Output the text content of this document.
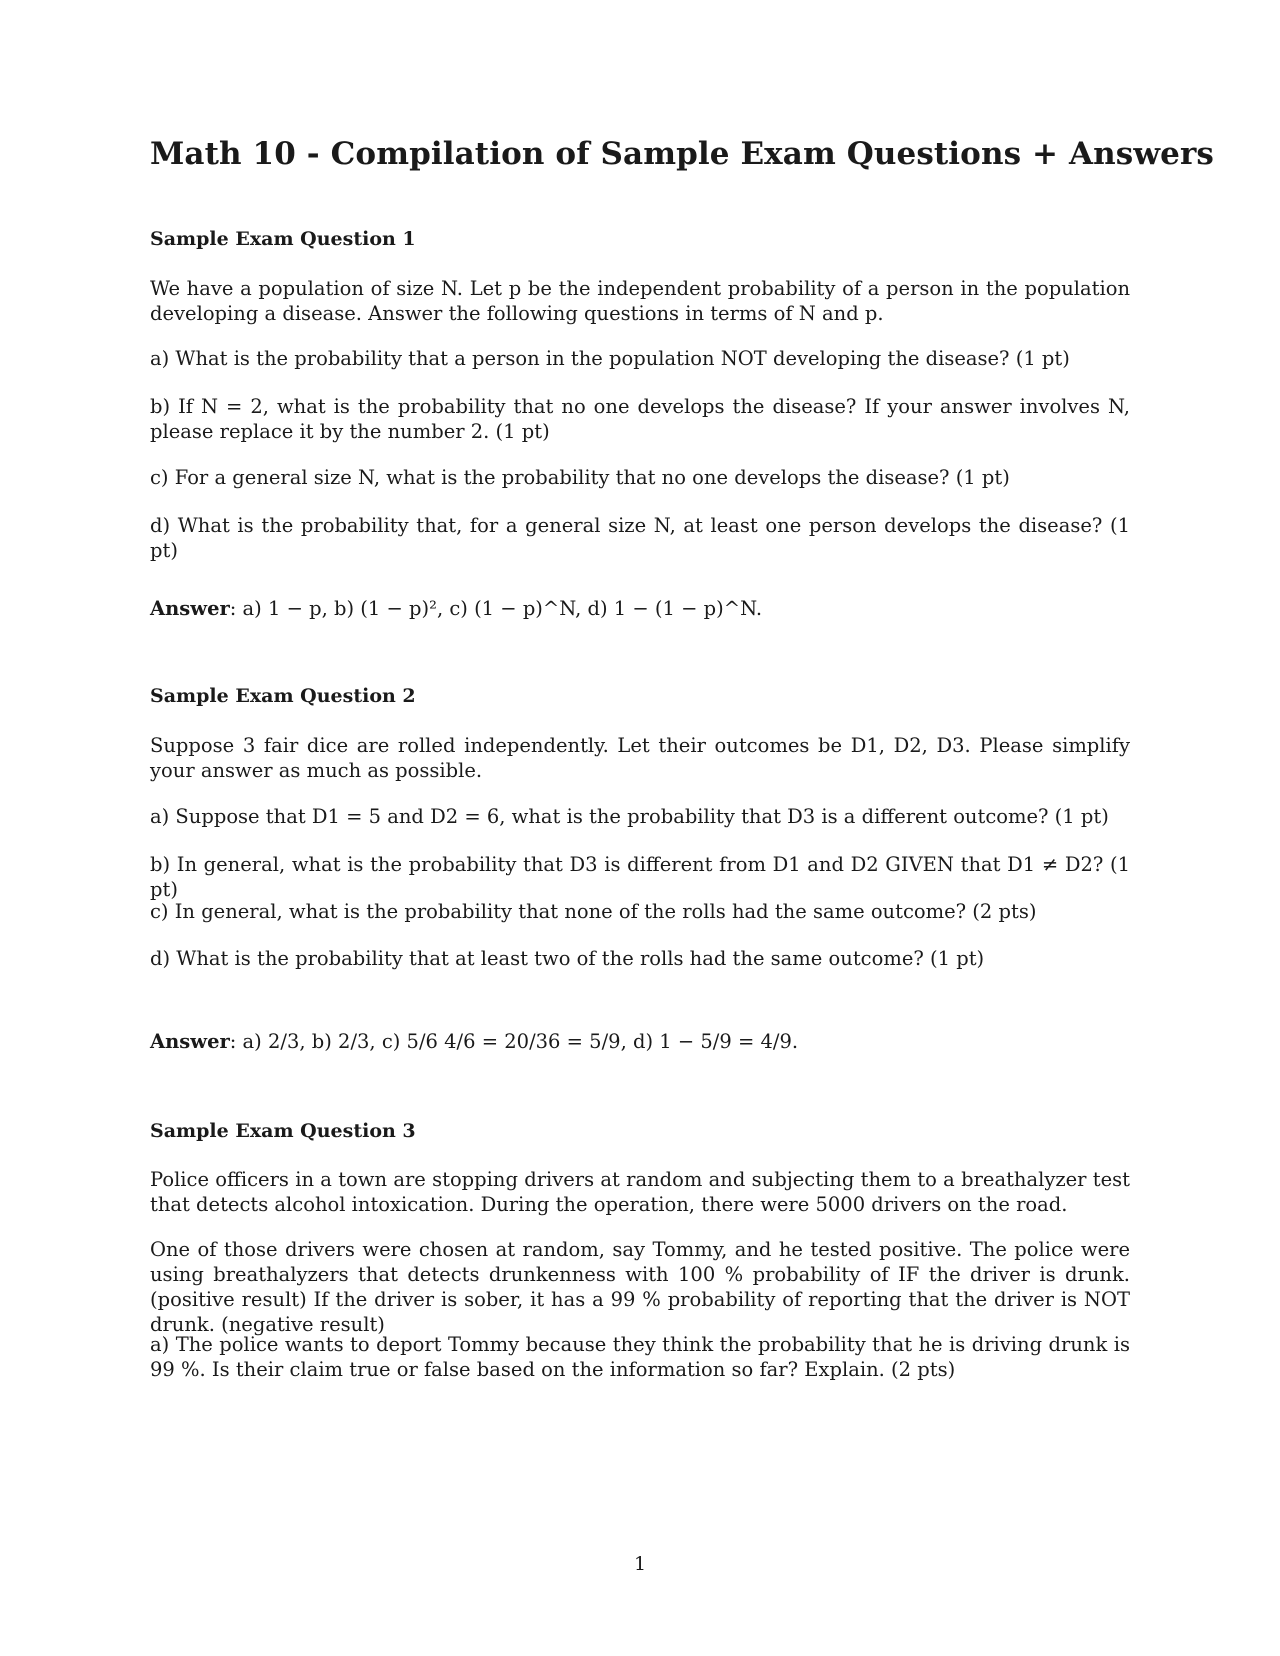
Math 10 - Compilation of Sample Exam Questions + Answers
Sample Exam Question 1
We have a population of size N. Let p be the independent probability of a person in the population developing a disease. Answer the following questions in terms of N and p.
a) What is the probability that a person in the population NOT developing the disease? (1 pt)
b) If N = 2, what is the probability that no one develops the disease? If your answer involves N, please replace it by the number 2. (1 pt)
c) For a general size N, what is the probability that no one develops the disease? (1 pt)
d) What is the probability that, for a general size N, at least one person develops the disease? (1 pt)
Answer: a) 1 − p, b) (1 − p)², c) (1 − p)^N, d) 1 − (1 − p)^N.
Sample Exam Question 2
Suppose 3 fair dice are rolled independently. Let their outcomes be D1, D2, D3. Please simplify your answer as much as possible.
a) Suppose that D1 = 5 and D2 = 6, what is the probability that D3 is a different outcome? (1 pt)
b) In general, what is the probability that D3 is different from D1 and D2 GIVEN that D1 ≠ D2? (1 pt)
c) In general, what is the probability that none of the rolls had the same outcome? (2 pts)
d) What is the probability that at least two of the rolls had the same outcome? (1 pt)
Answer: a) 2/3, b) 2/3, c) 5/6 4/6 = 20/36 = 5/9, d) 1 − 5/9 = 4/9.
Sample Exam Question 3
Police officers in a town are stopping drivers at random and subjecting them to a breathalyzer test that detects alcohol intoxication. During the operation, there were 5000 drivers on the road.
One of those drivers were chosen at random, say Tommy, and he tested positive. The police were using breathalyzers that detects drunkenness with 100 % probability of IF the driver is drunk. (positive result) If the driver is sober, it has a 99 % probability of reporting that the driver is NOT drunk. (negative result)
a) The police wants to deport Tommy because they think the probability that he is driving drunk is 99 %. Is their claim true or false based on the information so far? Explain. (2 pts)
1
